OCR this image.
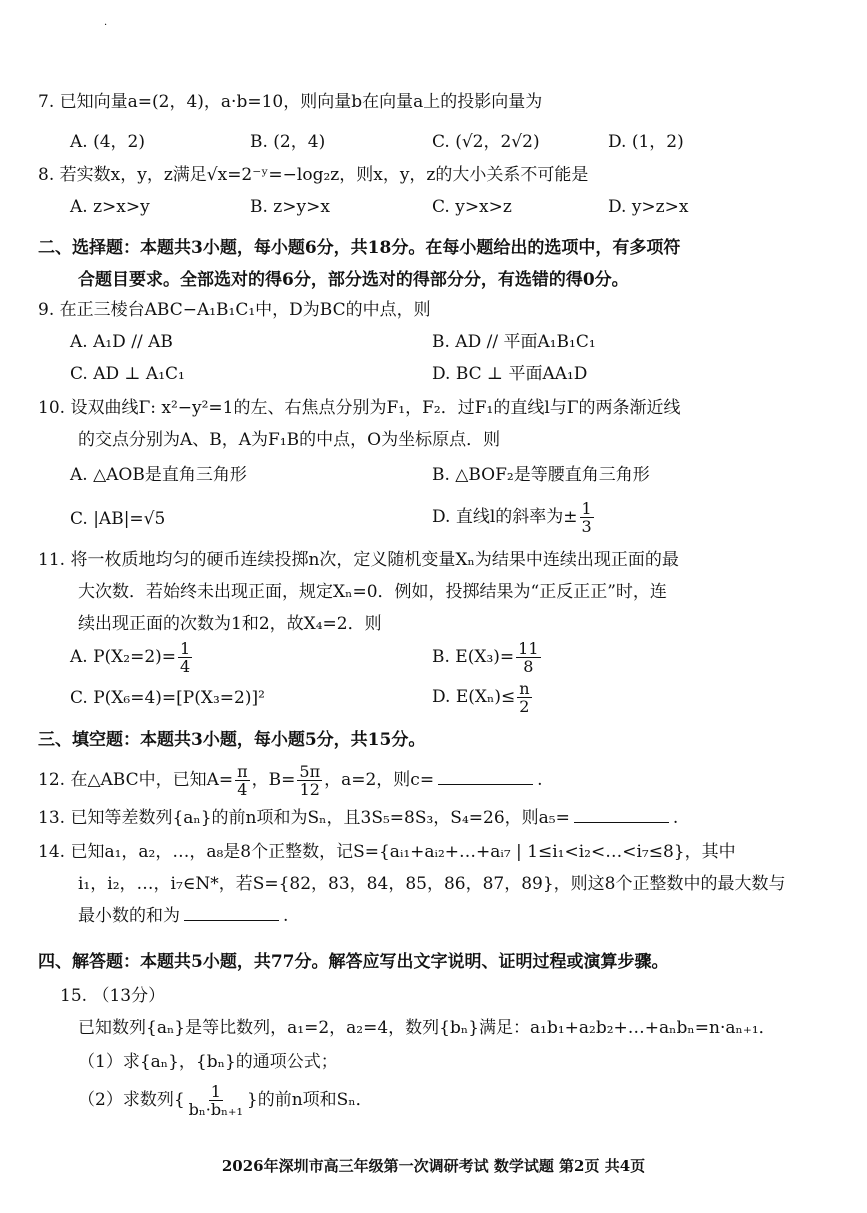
·
7. 已知向量a=(2，4)，a·b=10，则向量b在向量a上的投影向量为
A. (4，2)	B. (2，4)	C. (√2，2√2)	D. (1，2)
8. 若实数x，y，z满足√x=2⁻ʸ=−log₂z，则x，y，z的大小关系不可能是
A. z>x>y	B. z>y>x	C. y>x>z	D. y>z>x
二、选择题：本题共3小题，每小题6分，共18分。在每小题给出的选项中，有多项符
合题目要求。全部选对的得6分，部分选对的得部分分，有选错的得0分。
9. 在正三棱台ABC−A₁B₁C₁中，D为BC的中点，则
A. A₁D // AB	B. AD // 平面A₁B₁C₁
C. AD ⊥ A₁C₁	D. BC ⊥ 平面AA₁D
10. 设双曲线Γ: x²−y²=1的左、右焦点分别为F₁，F₂．过F₁的直线l与Γ的两条渐近线
的交点分别为A、B，A为F₁B的中点，O为坐标原点．则
A. △AOB是直角三角形	B. △BOF₂是等腰直角三角形
C. |AB|=√5	D. 直线l的斜率为± $\frac{1}{3}$
11. 将一枚质地均匀的硬币连续投掷n次，定义随机变量Xₙ为结果中连续出现正面的最
大次数．若始终未出现正面，规定Xₙ=0．例如，投掷结果为“正反正正”时，连
续出现正面的次数为1和2，故X₄=2．则
A. $P(X_2=2)= \frac{1}{4}$	B. $E(X_3)= \frac{11}{8}$
C. P(X₆=4)=[P(X₃=2)]²	D. $E(X_n)\le \frac{n}{2}$
三、填空题：本题共3小题，每小题5分，共15分。
12. 在△ABC中，已知$A= \frac{\pi}{4}$ ，$B= \frac{5\pi}{12}$ ，a=2，则c=	.
13. 已知等差数列{aₙ}的前n项和为Sₙ，且3S₅=8S₃，S₄=26，则a₅=	.
14. 已知a₁，a₂，…，a₈是8个正整数，记S={aᵢ₁+aᵢ₂+…+aᵢ₇ | 1≤i₁<i₂<…<i₇≤8}，其中
i₁，i₂，…，i₇∈N*，若S={82，83，84，85，86，87，89}，则这8个正整数中的最大数与
最小数的和为	.
四、解答题：本题共5小题，共77分。解答应写出文字说明、证明过程或演算步骤。
15. （13分）
已知数列{aₙ}是等比数列，a₁=2，a₂=4，数列{bₙ}满足：a₁b₁+a₂b₂+…+aₙbₙ=n·aₙ₊₁．
（1）求{aₙ}，{bₙ}的通项公式；
（2）求数列{ $\frac{1}{\text{bₙ·bₙ₊₁}}$ }的前n项和Sₙ．
2026年深圳市高三年级第一次调研考试 数学试题 第2页 共4页
